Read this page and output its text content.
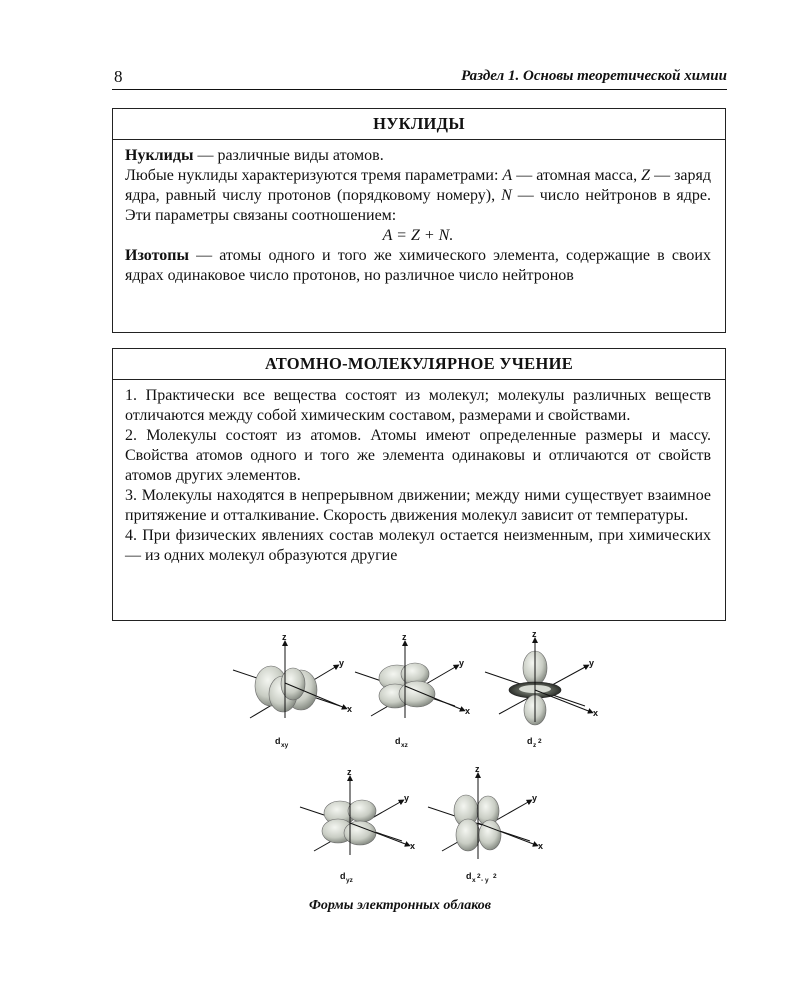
8	Раздел 1. Основы теоретической химии
НУКЛИДЫ

Нуклиды — различные виды атомов.

Любые нуклиды характеризуются тремя параметрами: A — атомная масса, Z — заряд ядра, равный числу протонов (порядковому номеру), N — число нейтронов в ядре. Эти параметры связаны соотношением:

A = Z + N.

Изотопы — атомы одного и того же химического элемента, содержащие в своих ядрах одинаковое число протонов, но различное число нейтронов

АТОМНО-МОЛЕКУЛЯРНОЕ УЧЕНИЕ

1. Практически все вещества состоят из молекул; молекулы различных веществ отличаются между собой химическим составом, размерами и свойствами.

2. Молекулы состоят из атомов. Атомы имеют определенные размеры и массу. Свойства атомов одного и того же элемента одинаковы и отличаются от свойств атомов других элементов.

3. Молекулы находятся в непрерывном движении; между ними существует взаимное притяжение и отталкивание. Скорость движения молекул зависит от температуры.

4. При физических явлениях состав молекул остается неизменным, при химических — из одних молекул образуются другие

z
y
x
d xy
z
y
x
d xz
z
y
x
d z
2
z
y
x
d yz
z
y
x
d x
2
- y
2
Формы электронных облаков
